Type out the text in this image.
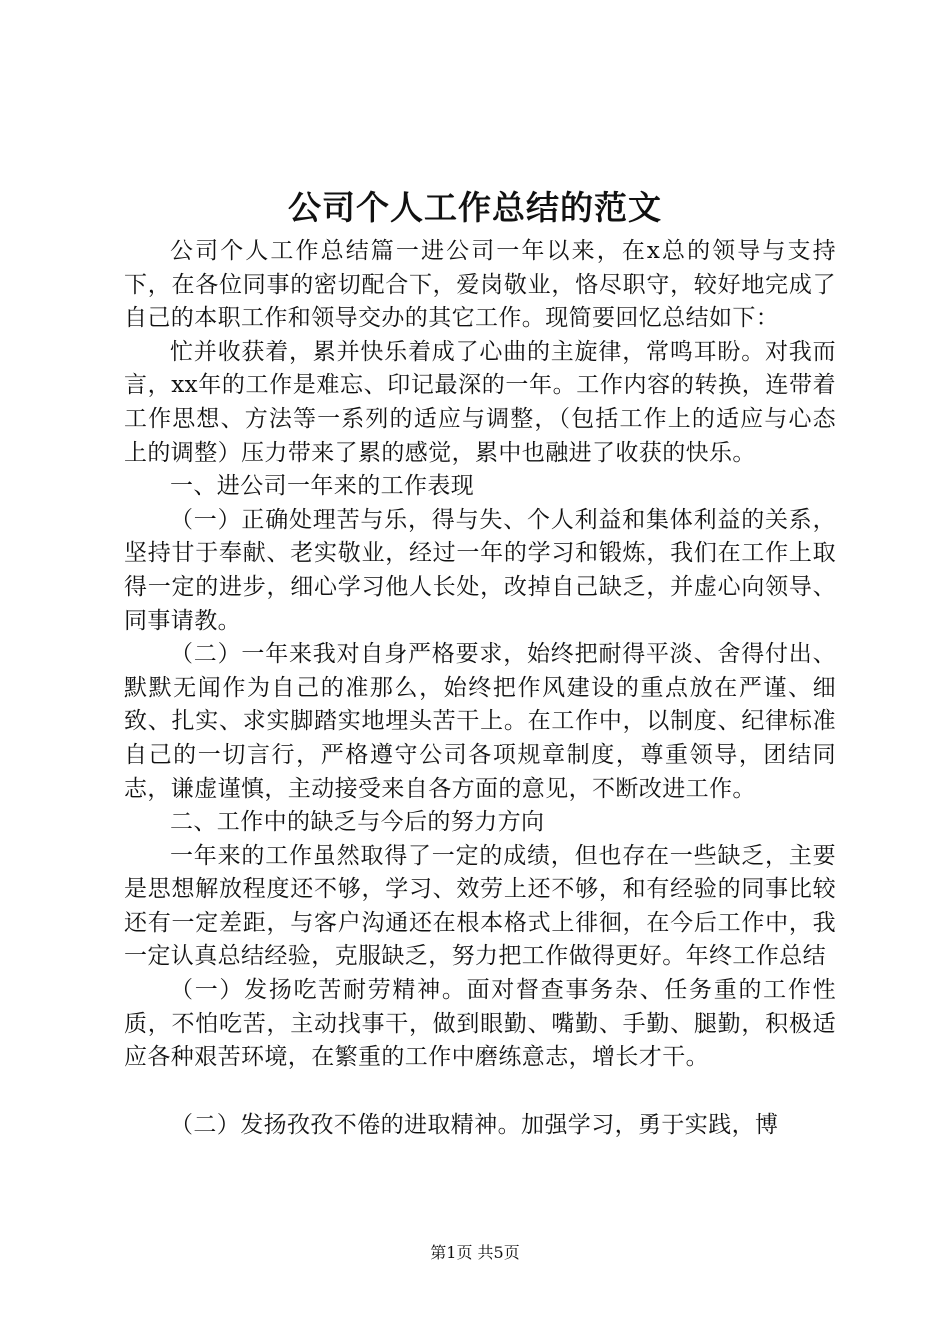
公司个人工作总结的范文

公司个人工作总结篇一进公司一年以来，在x总的领导与支持下，在各位同事的密切配合下，爱岗敬业，恪尽职守，较好地完成了自己的本职工作和领导交办的其它工作。现简要回忆总结如下：

忙并收获着，累并快乐着成了心曲的主旋律，常鸣耳盼。对我而言，xx年的工作是难忘、印记最深的一年。工作内容的转换，连带着工作思想、方法等一系列的适应与调整，（包括工作上的适应与心态上的调整）压力带来了累的感觉，累中也融进了收获的快乐。

一、进公司一年来的工作表现

（一）正确处理苦与乐，得与失、个人利益和集体利益的关系，坚持甘于奉献、老实敬业，经过一年的学习和锻炼，我们在工作上取得一定的进步，细心学习他人长处，改掉自己缺乏，并虚心向领导、同事请教。

（二）一年来我对自身严格要求，始终把耐得平淡、舍得付出、默默无闻作为自己的准那么，始终把作风建设的重点放在严谨、细致、扎实、求实脚踏实地埋头苦干上。在工作中，以制度、纪律标准自己的一切言行，严格遵守公司各项规章制度，尊重领导，团结同志，谦虚谨慎，主动接受来自各方面的意见，不断改进工作。

二、工作中的缺乏与今后的努力方向

一年来的工作虽然取得了一定的成绩，但也存在一些缺乏，主要是思想解放程度还不够，学习、效劳上还不够，和有经验的同事比较还有一定差距，与客户沟通还在根本格式上徘徊，在今后工作中，我一定认真总结经验，克服缺乏，努力把工作做得更好。年终工作总结

（一）发扬吃苦耐劳精神。面对督查事务杂、任务重的工作性质，不怕吃苦，主动找事干，做到眼勤、嘴勤、手勤、腿勤，积极适应各种艰苦环境，在繁重的工作中磨练意志，增长才干。

（二）发扬孜孜不倦的进取精神。加强学习，勇于实践，博

第1页 共5页
